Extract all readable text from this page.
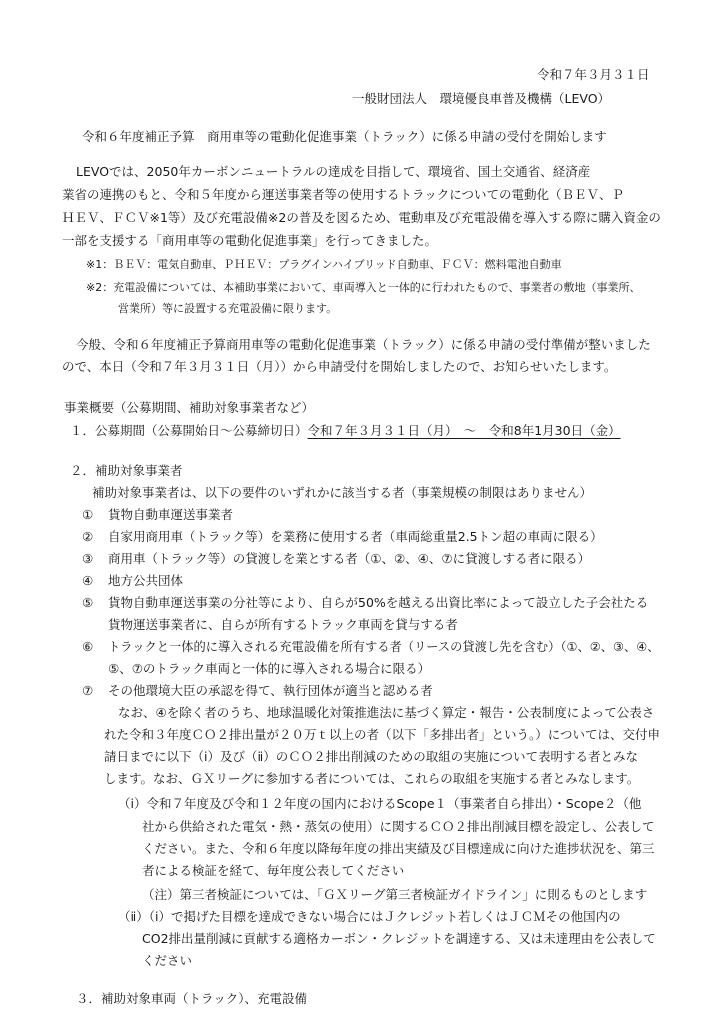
令和７年３月３１日
一般財団法人　環境優良車普及機構（LEVO）
令和６年度補正予算　商用車等の電動化促進事業（トラック）に係る申請の受付を開始します
LEVOでは、2050年カーボンニュートラルの達成を目指して、環境省、国土交通省、経済産
業省の連携のもと、令和５年度から運送事業者等の使用するトラックについての電動化（ＢＥＶ、Ｐ
ＨＥＶ、ＦＣＶ※1等）及び充電設備※2の普及を図るため、電動車及び充電設備を導入する際に購入資金の
一部を支援する「商用車等の電動化促進事業」を行ってきました。
※1：ＢＥＶ：電気自動車、ＰＨＥＶ：プラグインハイブリッド自動車、ＦＣＶ：燃料電池自動車
※2：充電設備については、本補助事業において、車両導入と一体的に行われたもので、事業者の敷地（事業所、
営業所）等に設置する充電設備に限ります。
今般、令和６年度補正予算商用車等の電動化促進事業（トラック）に係る申請の受付準備が整いました
ので、本日（令和７年３月３１日（月））から申請受付を開始しましたので、お知らせいたします。
事業概要（公募期間、補助対象事業者など）
１．公募期間（公募開始日～公募締切日）令和７年３月３１日（月）　～　令和8年1月30日（金）
２．補助対象事業者
補助対象事業者は、以下の要件のいずれかに該当する者（事業規模の制限はありません）
① 貨物自動車運送事業者
② 自家用商用車（トラック等）を業務に使用する者（車両総重量2.5トン超の車両に限る）
③ 商用車（トラック等）の貸渡しを業とする者（①、②、④、⑦に貸渡しする者に限る）
④ 地方公共団体
⑤ 貨物自動車運送事業の分社等により、自らが50%を越える出資比率によって設立した子会社たる
貨物運送事業者に、自らが所有するトラック車両を貸与する者
⑥ トラックと一体的に導入される充電設備を所有する者（リースの貸渡し先を含む）（①、②、③、④、
⑤、⑦のトラック車両と一体的に導入される場合に限る）
⑦ その他環境大臣の承認を得て、執行団体が適当と認める者
なお、④を除く者のうち、地球温暖化対策推進法に基づく算定・報告・公表制度によって公表さ
れた令和３年度ＣＯ２排出量が２０万ｔ以上の者（以下「多排出者」という。）については、交付申
請日までに以下（ⅰ）及び（ⅱ）のＣＯ２排出削減のための取組の実施について表明する者とみな
します。なお、ＧＸリーグに参加する者については、これらの取組を実施する者とみなします。
（ⅰ）令和７年度及び令和１２年度の国内におけるScope１（事業者自ら排出）・Scope２（他
社から供給された電気・熱・蒸気の使用）に関するＣＯ２排出削減目標を設定し、公表して
ください。また、令和６年度以降毎年度の排出実績及び目標達成に向けた進捗状況を、第三
者による検証を経て、毎年度公表してください
（注）第三者検証については、「ＧＸリーグ第三者検証ガイドライン」に則るものとします
（ⅱ）（ⅰ）で掲げた目標を達成できない場合にはＪクレジット若しくはＪＣＭその他国内の
CO2排出量削減に貢献する適格カーボン・クレジットを調達する、又は未達理由を公表して
ください
３．補助対象車両（トラック）、充電設備
